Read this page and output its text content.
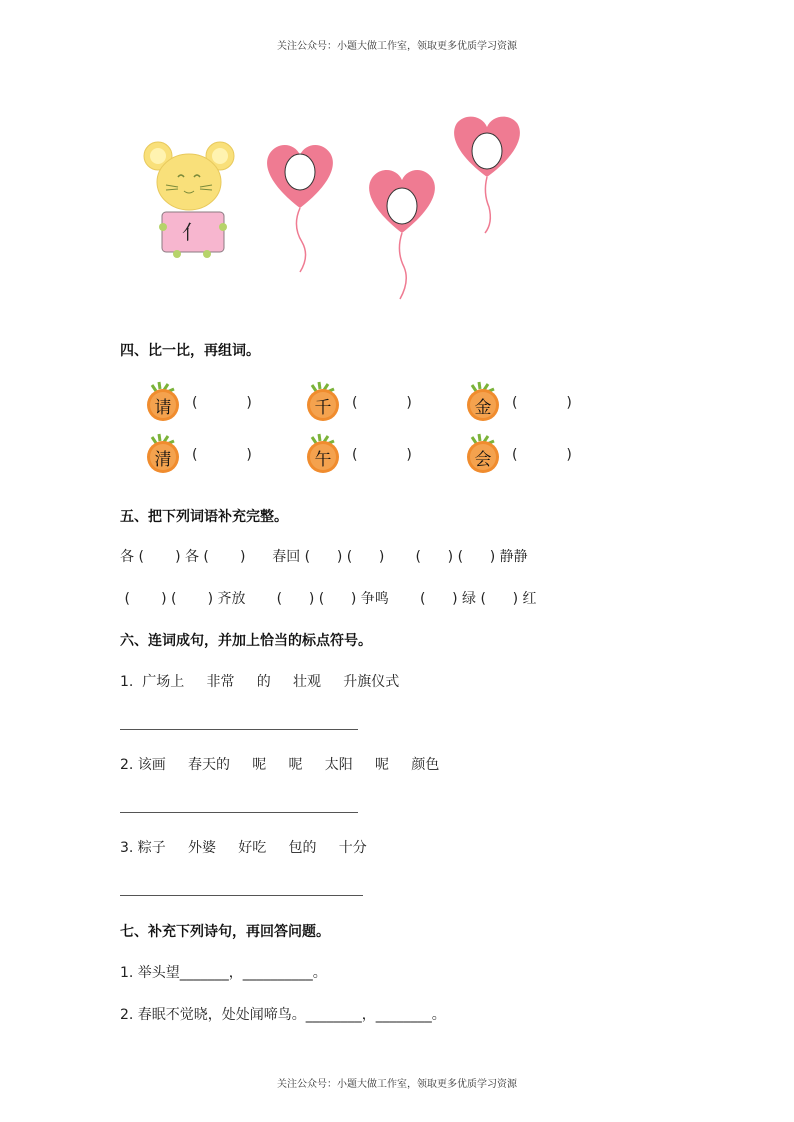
关注公众号：小题大做工作室，领取更多优质学习资源
亻
四、比一比，再组词。
请	(           )	千	(           )	金	(           )
清	(           )	午	(           )	会	(           )
五、把下列词语补充完整。
各 (       ) 各 (       )      春回 (      ) (      )       (      ) (      ) 静静
(       ) (       ) 齐放       (      ) (      ) 争鸣       (      ) 绿 (      ) 红
六、连词成句，并加上恰当的标点符号。
1.  广场上     非常     的     壮观     升旗仪式
2. 该画     春天的     呢     呢     太阳     呢     颜色
3. 粽子     外婆     好吃     包的     十分
七、补充下列诗句，再回答问题。
1. 举头望_______，__________。
2. 春眠不觉晓，处处闻啼鸟。________，________。
关注公众号：小题大做工作室，领取更多优质学习资源
